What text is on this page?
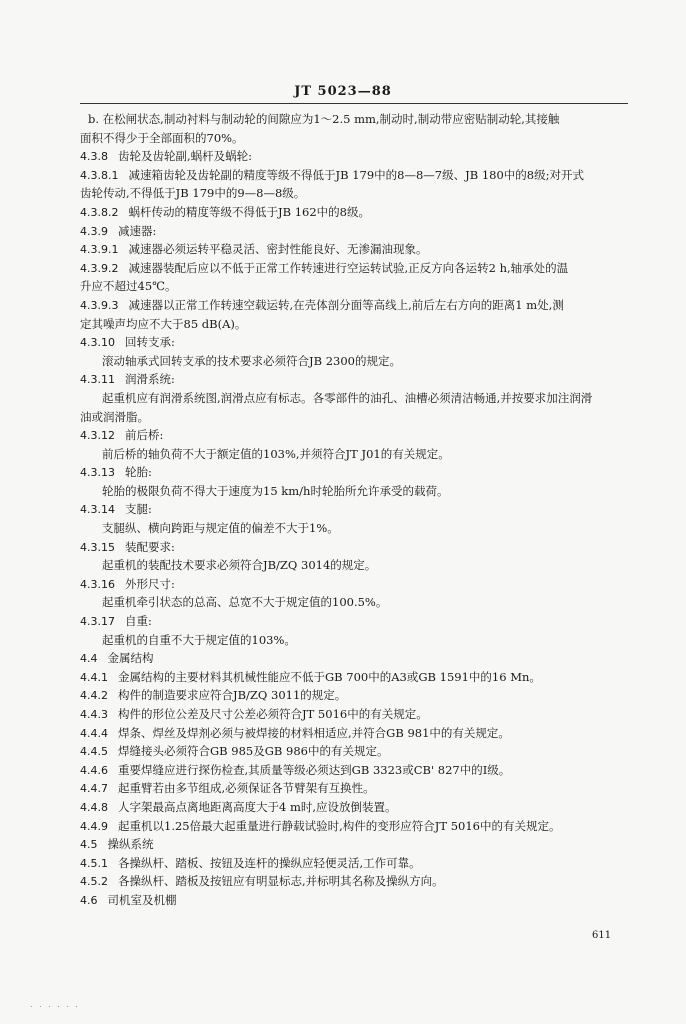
JT 5023—88
b. 在松闸状态,制动衬料与制动轮的间隙应为1～2.5 mm,制动时,制动带应密贴制动轮,其接触
面积不得少于全部面积的70%。
4.3.8 齿轮及齿轮副,蜗杆及蜗轮:
4.3.8.1 减速箱齿轮及齿轮副的精度等级不得低于JB 179中的8—8—7级、JB 180中的8级;对开式
齿轮传动,不得低于JB 179中的9—8—8级。
4.3.8.2 蜗杆传动的精度等级不得低于JB 162中的8级。
4.3.9 减速器:
4.3.9.1 减速器必须运转平稳灵活、密封性能良好、无渗漏油现象。
4.3.9.2 减速器装配后应以不低于正常工作转速进行空运转试验,正反方向各运转2 h,轴承处的温
升应不超过45℃。
4.3.9.3 减速器以正常工作转速空载运转,在壳体剖分面等高线上,前后左右方向的距离1 m处,测
定其噪声均应不大于85 dB(A)。
4.3.10 回转支承:
滚动轴承式回转支承的技术要求必须符合JB 2300的规定。
4.3.11 润滑系统:
起重机应有润滑系统图,润滑点应有标志。各零部件的油孔、油槽必须清洁畅通,并按要求加注润滑
油或润滑脂。
4.3.12 前后桥:
前后桥的轴负荷不大于额定值的103%,并须符合JT J01的有关规定。
4.3.13 轮胎:
轮胎的极限负荷不得大于速度为15 km/h时轮胎所允许承受的载荷。
4.3.14 支腿:
支腿纵、横向跨距与规定值的偏差不大于1%。
4.3.15 装配要求:
起重机的装配技术要求必须符合JB/ZQ 3014的规定。
4.3.16 外形尺寸:
起重机牵引状态的总高、总宽不大于规定值的100.5%。
4.3.17 自重:
起重机的自重不大于规定值的103%。
4.4 金属结构
4.4.1 金属结构的主要材料其机械性能应不低于GB 700中的A3或GB 1591中的16 Mn。
4.4.2 构件的制造要求应符合JB/ZQ 3011的规定。
4.4.3 构件的形位公差及尺寸公差必须符合JT 5016中的有关规定。
4.4.4 焊条、焊丝及焊剂必须与被焊接的材料相适应,并符合GB 981中的有关规定。
4.4.5 焊缝接头必须符合GB 985及GB 986中的有关规定。
4.4.6 重要焊缝应进行探伤检查,其质量等级必须达到GB 3323或CB' 827中的Ⅰ级。
4.4.7 起重臂若由多节组成,必须保证各节臂架有互换性。
4.4.8 人字架最高点离地距离高度大于4 m时,应设放倒装置。
4.4.9 起重机以1.25倍最大起重量进行静载试验时,构件的变形应符合JT 5016中的有关规定。
4.5 操纵系统
4.5.1 各操纵杆、踏板、按钮及连杆的操纵应轻便灵活,工作可靠。
4.5.2 各操纵杆、踏板及按钮应有明显标志,并标明其名称及操纵方向。
4.6 司机室及机棚
611
. . . . . .
